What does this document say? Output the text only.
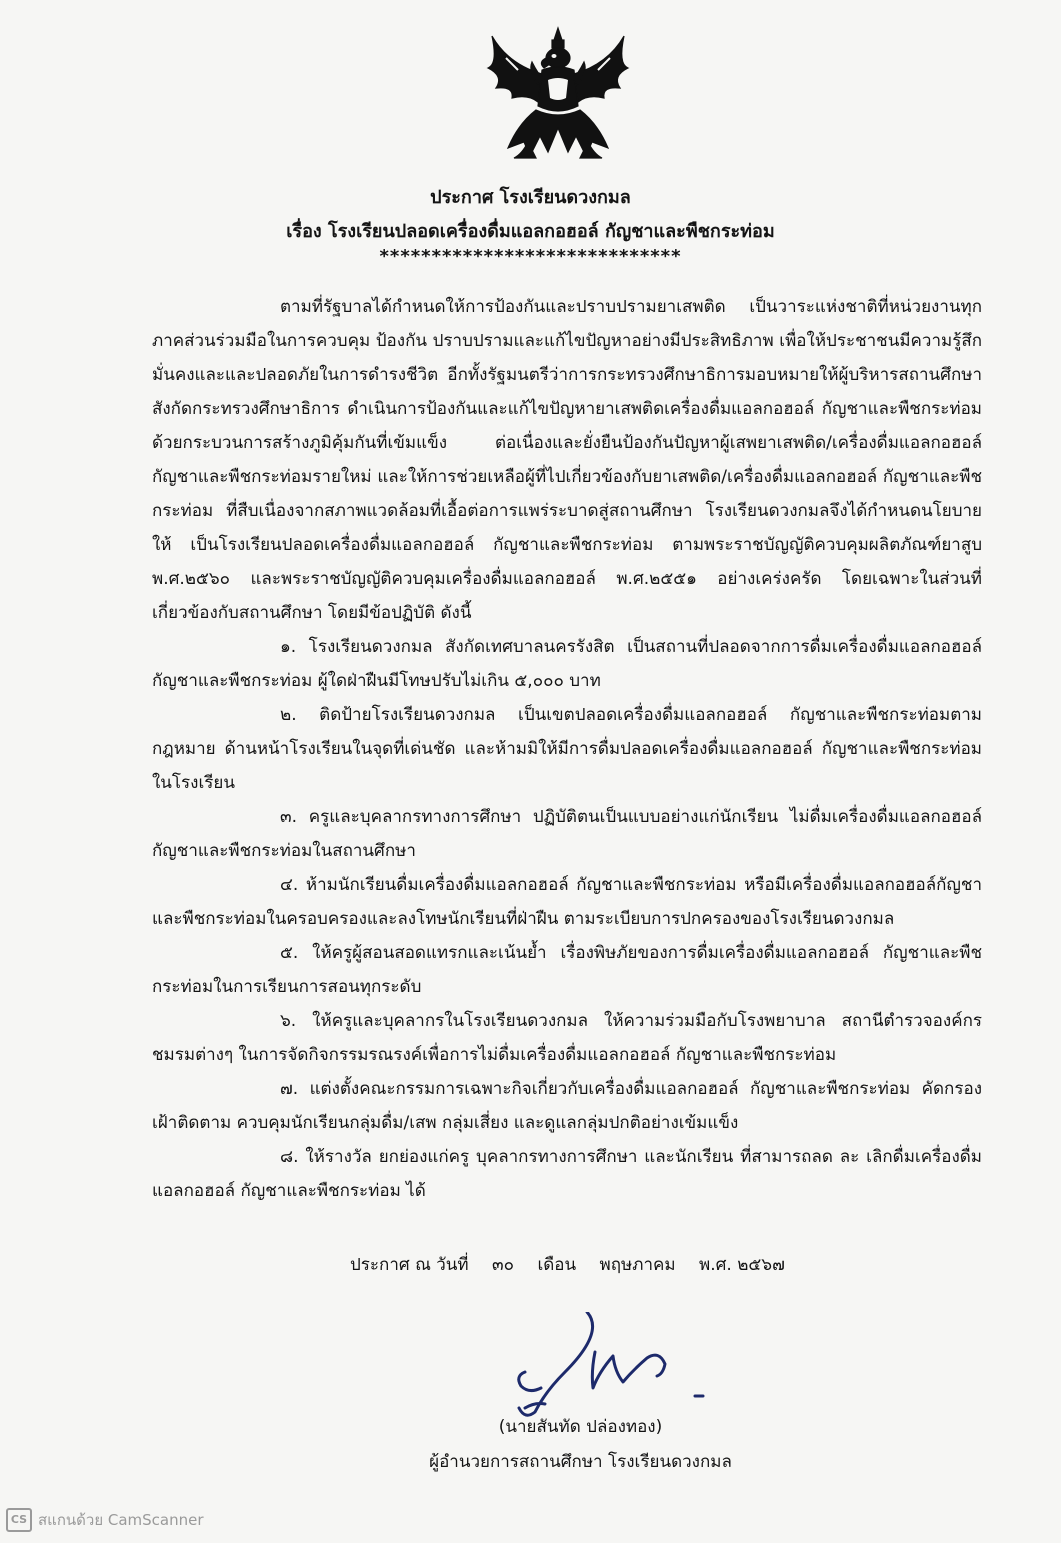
ประกาศ โรงเรียนดวงกมล
เรื่อง โรงเรียนปลอดเครื่องดื่มแอลกอฮอล์ กัญชาและพืชกระท่อม
*****************************

ตามที่รัฐบาลได้กำหนดให้การป้องกันและปราบปรามยาเสพติด เป็นวาระแห่งชาติที่หน่วยงานทุกภาคส่วนร่วมมือในการควบคุม ป้องกัน ปราบปรามและแก้ไขปัญหาอย่างมีประสิทธิภาพ เพื่อให้ประชาชนมีความรู้สึกมั่นคงและและปลอดภัยในการดำรงชีวิต อีกทั้งรัฐมนตรีว่าการกระทรวงศึกษาธิการมอบหมายให้ผู้บริหารสถานศึกษา สังกัดกระทรวงศึกษาธิการ ดำเนินการป้องกันและแก้ไขปัญหายาเสพติดเครื่องดื่มแอลกอฮอล์ กัญชาและพืชกระท่อม ด้วยกระบวนการสร้างภูมิคุ้มกันที่เข้มแข็ง ต่อเนื่องและยั่งยืนป้องกันปัญหาผู้เสพยาเสพติด/เครื่องดื่มแอลกอฮอล์ กัญชาและพืชกระท่อมรายใหม่ และให้การช่วยเหลือผู้ที่ไปเกี่ยวข้องกับยาเสพติด/เครื่องดื่มแอลกอฮอล์ กัญชาและพืชกระท่อม ที่สืบเนื่องจากสภาพแวดล้อมที่เอื้อต่อการแพร่ระบาดสู่สถานศึกษา โรงเรียนดวงกมลจึงได้กำหนดนโยบายให้ เป็นโรงเรียนปลอดเครื่องดื่มแอลกอฮอล์ กัญชาและพืชกระท่อม ตามพระราชบัญญัติควบคุมผลิตภัณฑ์ยาสูบ พ.ศ.๒๕๖๐ และพระราชบัญญัติควบคุมเครื่องดื่มแอลกอฮอล์ พ.ศ.๒๕๕๑ อย่างเคร่งครัด โดยเฉพาะในส่วนที่เกี่ยวข้องกับสถานศึกษา โดยมีข้อปฏิบัติ ดังนี้

๑. โรงเรียนดวงกมล สังกัดเทศบาลนครรังสิต เป็นสถานที่ปลอดจากการดื่มเครื่องดื่มแอลกอฮอล์ กัญชาและพืชกระท่อม ผู้ใดฝ่าฝืนมีโทษปรับไม่เกิน ๕,๐๐๐ บาท

๒. ติดป้ายโรงเรียนดวงกมล เป็นเขตปลอดเครื่องดื่มแอลกอฮอล์ กัญชาและพืชกระท่อมตามกฎหมาย ด้านหน้าโรงเรียนในจุดที่เด่นชัด และห้ามมิให้มีการดื่มปลอดเครื่องดื่มแอลกอฮอล์ กัญชาและพืชกระท่อมในโรงเรียน

๓. ครูและบุคลากรทางการศึกษา ปฏิบัติตนเป็นแบบอย่างแก่นักเรียน ไม่ดื่มเครื่องดื่มแอลกอฮอล์ กัญชาและพืชกระท่อมในสถานศึกษา

๔. ห้ามนักเรียนดื่มเครื่องดื่มแอลกอฮอล์ กัญชาและพืชกระท่อม หรือมีเครื่องดื่มแอลกอฮอล์กัญชาและพืชกระท่อมในครอบครองและลงโทษนักเรียนที่ฝ่าฝืน ตามระเบียบการปกครองของโรงเรียนดวงกมล

๕. ให้ครูผู้สอนสอดแทรกและเน้นย้ำ เรื่องพิษภัยของการดื่มเครื่องดื่มแอลกอฮอล์ กัญชาและพืชกระท่อมในการเรียนการสอนทุกระดับ

๖. ให้ครูและบุคลากรในโรงเรียนดวงกมล ให้ความร่วมมือกับโรงพยาบาล สถานีตำรวจองค์กร ชมรมต่างๆ ในการจัดกิจกรรมรณรงค์เพื่อการไม่ดื่มเครื่องดื่มแอลกอฮอล์ กัญชาและพืชกระท่อม

๗. แต่งตั้งคณะกรรมการเฉพาะกิจเกี่ยวกับเครื่องดื่มแอลกอฮอล์ กัญชาและพืชกระท่อม คัดกรอง เฝ้าติดตาม ควบคุมนักเรียนกลุ่มดื่ม/เสพ กลุ่มเสี่ยง และดูแลกลุ่มปกติอย่างเข้มแข็ง

๘. ให้รางวัล ยกย่องแก่ครู บุคลากรทางการศึกษา และนักเรียน ที่สามารถลด ละ เลิกดื่มเครื่องดื่มแอลกอฮอล์ กัญชาและพืชกระท่อม ได้

ประกาศ ณ วันที่ ๓๐ เดือน พฤษภาคม พ.ศ. ๒๕๖๗
(นายสันทัด ปล่องทอง)
ผู้อำนวยการสถานศึกษา โรงเรียนดวงกมล
CS สแกนด้วย CamScanner
